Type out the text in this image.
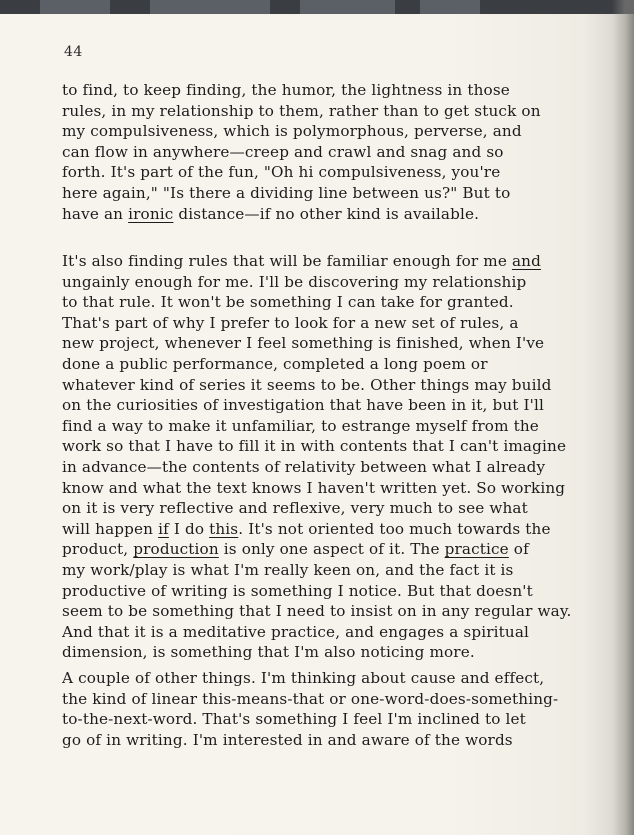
44
to find, to keep finding, the humor, the lightness in those
rules, in my relationship to them, rather than to get stuck on
my compulsiveness, which is polymorphous, perverse, and
can flow in anywhere—creep and crawl and snag and so
forth. It's part of the fun, "Oh hi compulsiveness, you're
here again," "Is there a dividing line between us?" But to
have an ironic distance—if no other kind is available.
It's also finding rules that will be familiar enough for me and
ungainly enough for me. I'll be discovering my relationship
to that rule. It won't be something I can take for granted.
That's part of why I prefer to look for a new set of rules, a
new project, whenever I feel something is finished, when I've
done a public performance, completed a long poem or
whatever kind of series it seems to be. Other things may build
on the curiosities of investigation that have been in it, but I'll
find a way to make it unfamiliar, to estrange myself from the
work so that I have to fill it in with contents that I can't imagine
in advance—the contents of relativity between what I already
know and what the text knows I haven't written yet. So working
on it is very reflective and reflexive, very much to see what
will happen if I do this. It's not oriented too much towards the
product, production is only one aspect of it. The practice of
my work/play is what I'm really keen on, and the fact it is
productive of writing is something I notice. But that doesn't
seem to be something that I need to insist on in any regular way.
And that it is a meditative practice, and engages a spiritual
dimension, is something that I'm also noticing more.
A couple of other things. I'm thinking about cause and effect,
the kind of linear this-means-that or one-word-does-something-
to-the-next-word. That's something I feel I'm inclined to let
go of in writing. I'm interested in and aware of the words
